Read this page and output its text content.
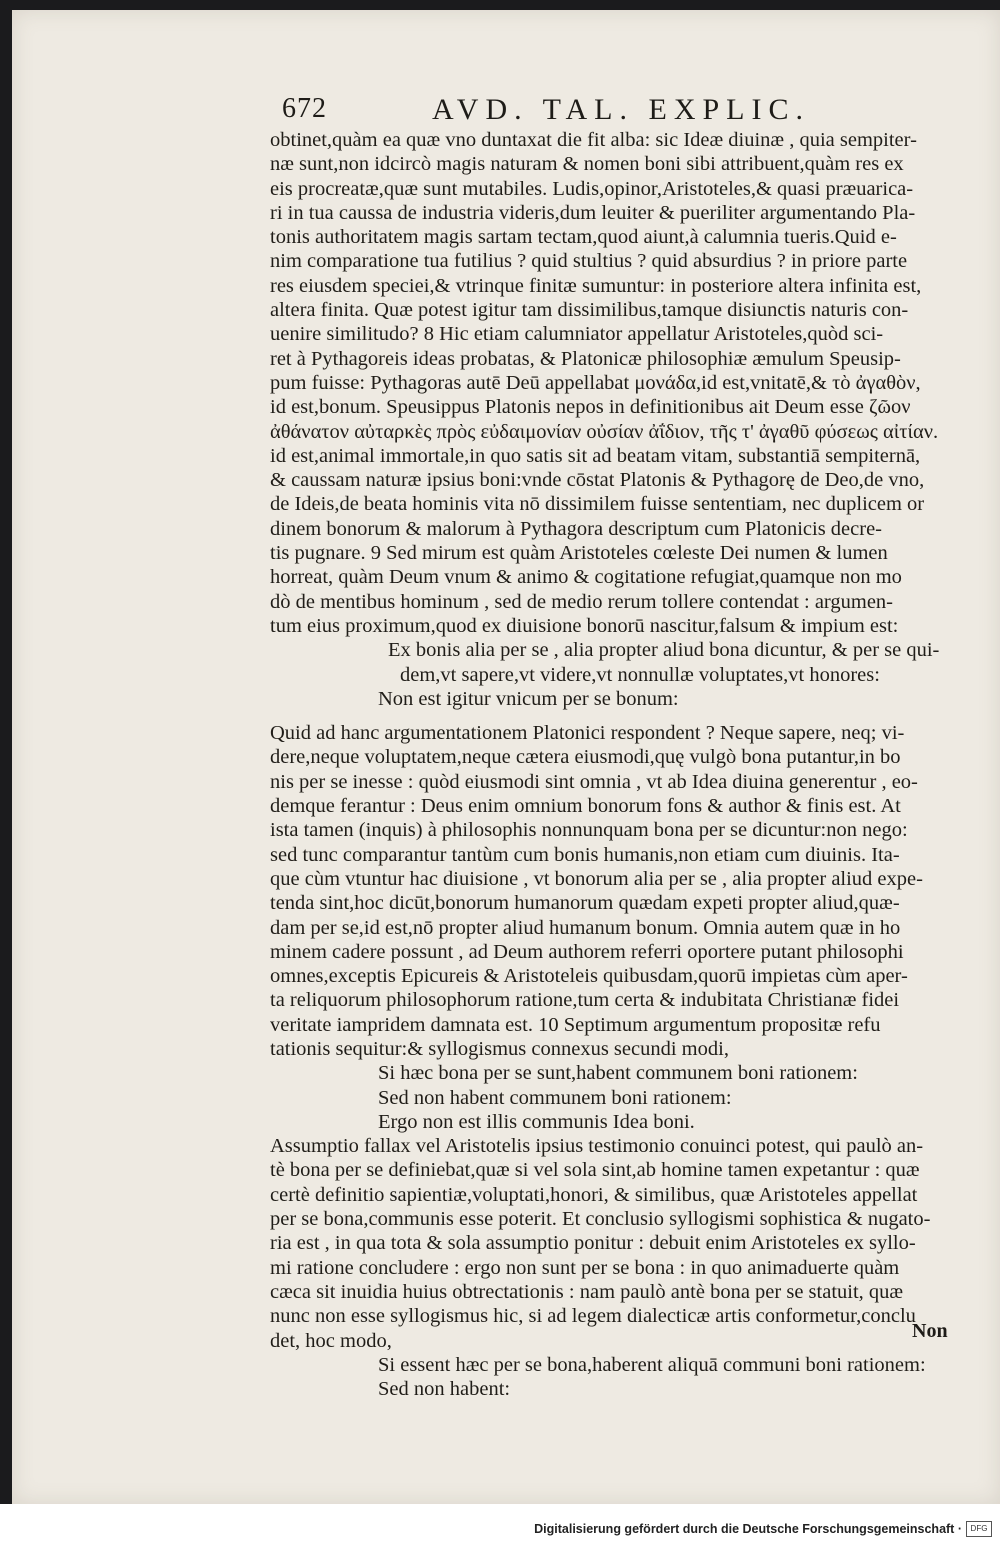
672	AVD. TAL. EXPLIC.
obtinet,quàm ea quæ vno duntaxat die fit alba: sic Ideæ diuinæ , quia sempiter-
næ sunt,non idcircò magis naturam & nomen boni sibi attribuent,quàm res ex
eis procreatæ,quæ sunt mutabiles. Ludis,opinor,Aristoteles,& quasi præuarica-
ri in tua caussa de industria videris,dum leuiter & pueriliter argumentando Pla-
tonis authoritatem magis sartam tectam,quod aiunt,à calumnia tueris.Quid e-
nim comparatione tua futilius ? quid stultius ? quid absurdius ? in priore parte
res eiusdem speciei,& vtrinque finitæ sumuntur: in posteriore altera infinita est,
altera finita. Quæ potest igitur tam dissimilibus,tamque disiunctis naturis con-
uenire similitudo? 8 Hic etiam calumniator appellatur Aristoteles,quòd sci-
ret à Pythagoreis ideas probatas, & Platonicæ philosophiæ æmulum Speusip-
pum fuisse: Pythagoras autē Deū appellabat μονάδα,id est,vnitatē,& τὸ ἀγαθὸν,
id est,bonum. Speusippus Platonis nepos in definitionibus ait Deum esse ζῶον
ἀθάνατον αὐταρκὲς πρὸς εὐδαιμονίαν οὐσίαν ἀΐδιον, τῆς τ' ἀγαθῦ φύσεως αἰτίαν.
id est,animal immortale,in quo satis sit ad beatam vitam, substantiā sempiternā,
& caussam naturæ ipsius boni:vnde cōstat Platonis & Pythagorę de Deo,de vno,
de Ideis,de beata hominis vita nō dissimilem fuisse sententiam, nec duplicem or
dinem bonorum & malorum à Pythagora descriptum cum Platonicis decre-
tis pugnare. 9 Sed mirum est quàm Aristoteles cœleste Dei numen & lumen
horreat, quàm Deum vnum & animo & cogitatione refugiat,quamque non mo
dò de mentibus hominum , sed de medio rerum tollere contendat : argumen-
tum eius proximum,quod ex diuisione bonorū nascitur,falsum & impium est:
Ex bonis alia per se , alia propter aliud bona dicuntur, & per se qui-
dem,vt sapere,vt videre,vt nonnullæ voluptates,vt honores:
Non est igitur vnicum per se bonum:
Quid ad hanc argumentationem Platonici respondent ? Neque sapere, neq; vi-
dere,neque voluptatem,neque cætera eiusmodi,quę vulgò bona putantur,in bo
nis per se inesse : quòd eiusmodi sint omnia , vt ab Idea diuina generentur , eo-
demque ferantur : Deus enim omnium bonorum fons & author & finis est. At
ista tamen (inquis) à philosophis nonnunquam bona per se dicuntur:non nego:
sed tunc comparantur tantùm cum bonis humanis,non etiam cum diuinis. Ita-
que cùm vtuntur hac diuisione , vt bonorum alia per se , alia propter aliud expe-
tenda sint,hoc dicūt,bonorum humanorum quædam expeti propter aliud,quæ-
dam per se,id est,nō propter aliud humanum bonum. Omnia autem quæ in ho
minem cadere possunt , ad Deum authorem referri oportere putant philosophi
omnes,exceptis Epicureis & Aristoteleis quibusdam,quorū impietas cùm aper-
ta reliquorum philosophorum ratione,tum certa & indubitata Christianæ fidei
veritate iampridem damnata est. 10 Septimum argumentum propositæ refu
tationis sequitur:& syllogismus connexus secundi modi,
Si hæc bona per se sunt,habent communem boni rationem:
Sed non habent communem boni rationem:
Ergo non est illis communis Idea boni.
Assumptio fallax vel Aristotelis ipsius testimonio conuinci potest, qui paulò an-
tè bona per se definiebat,quæ si vel sola sint,ab homine tamen expetantur : quæ
certè definitio sapientiæ,voluptati,honori, & similibus, quæ Aristoteles appellat
per se bona,communis esse poterit. Et conclusio syllogismi sophistica & nugato-
ria est , in qua tota & sola assumptio ponitur : debuit enim Aristoteles ex syllo-
mi ratione concludere : ergo non sunt per se bona : in quo animaduerte quàm
cæca sit inuidia huius obtrectationis : nam paulò antè bona per se statuit, quæ
nunc non esse syllogismus hic, si ad legem dialecticæ artis conformetur,conclu
det, hoc modo,
Si essent hæc per se bona,haberent aliquā communi boni rationem:
Sed non habent:
Non
Digitalisierung gefördert durch die Deutsche Forschungsgemeinschaft ·	DFG
